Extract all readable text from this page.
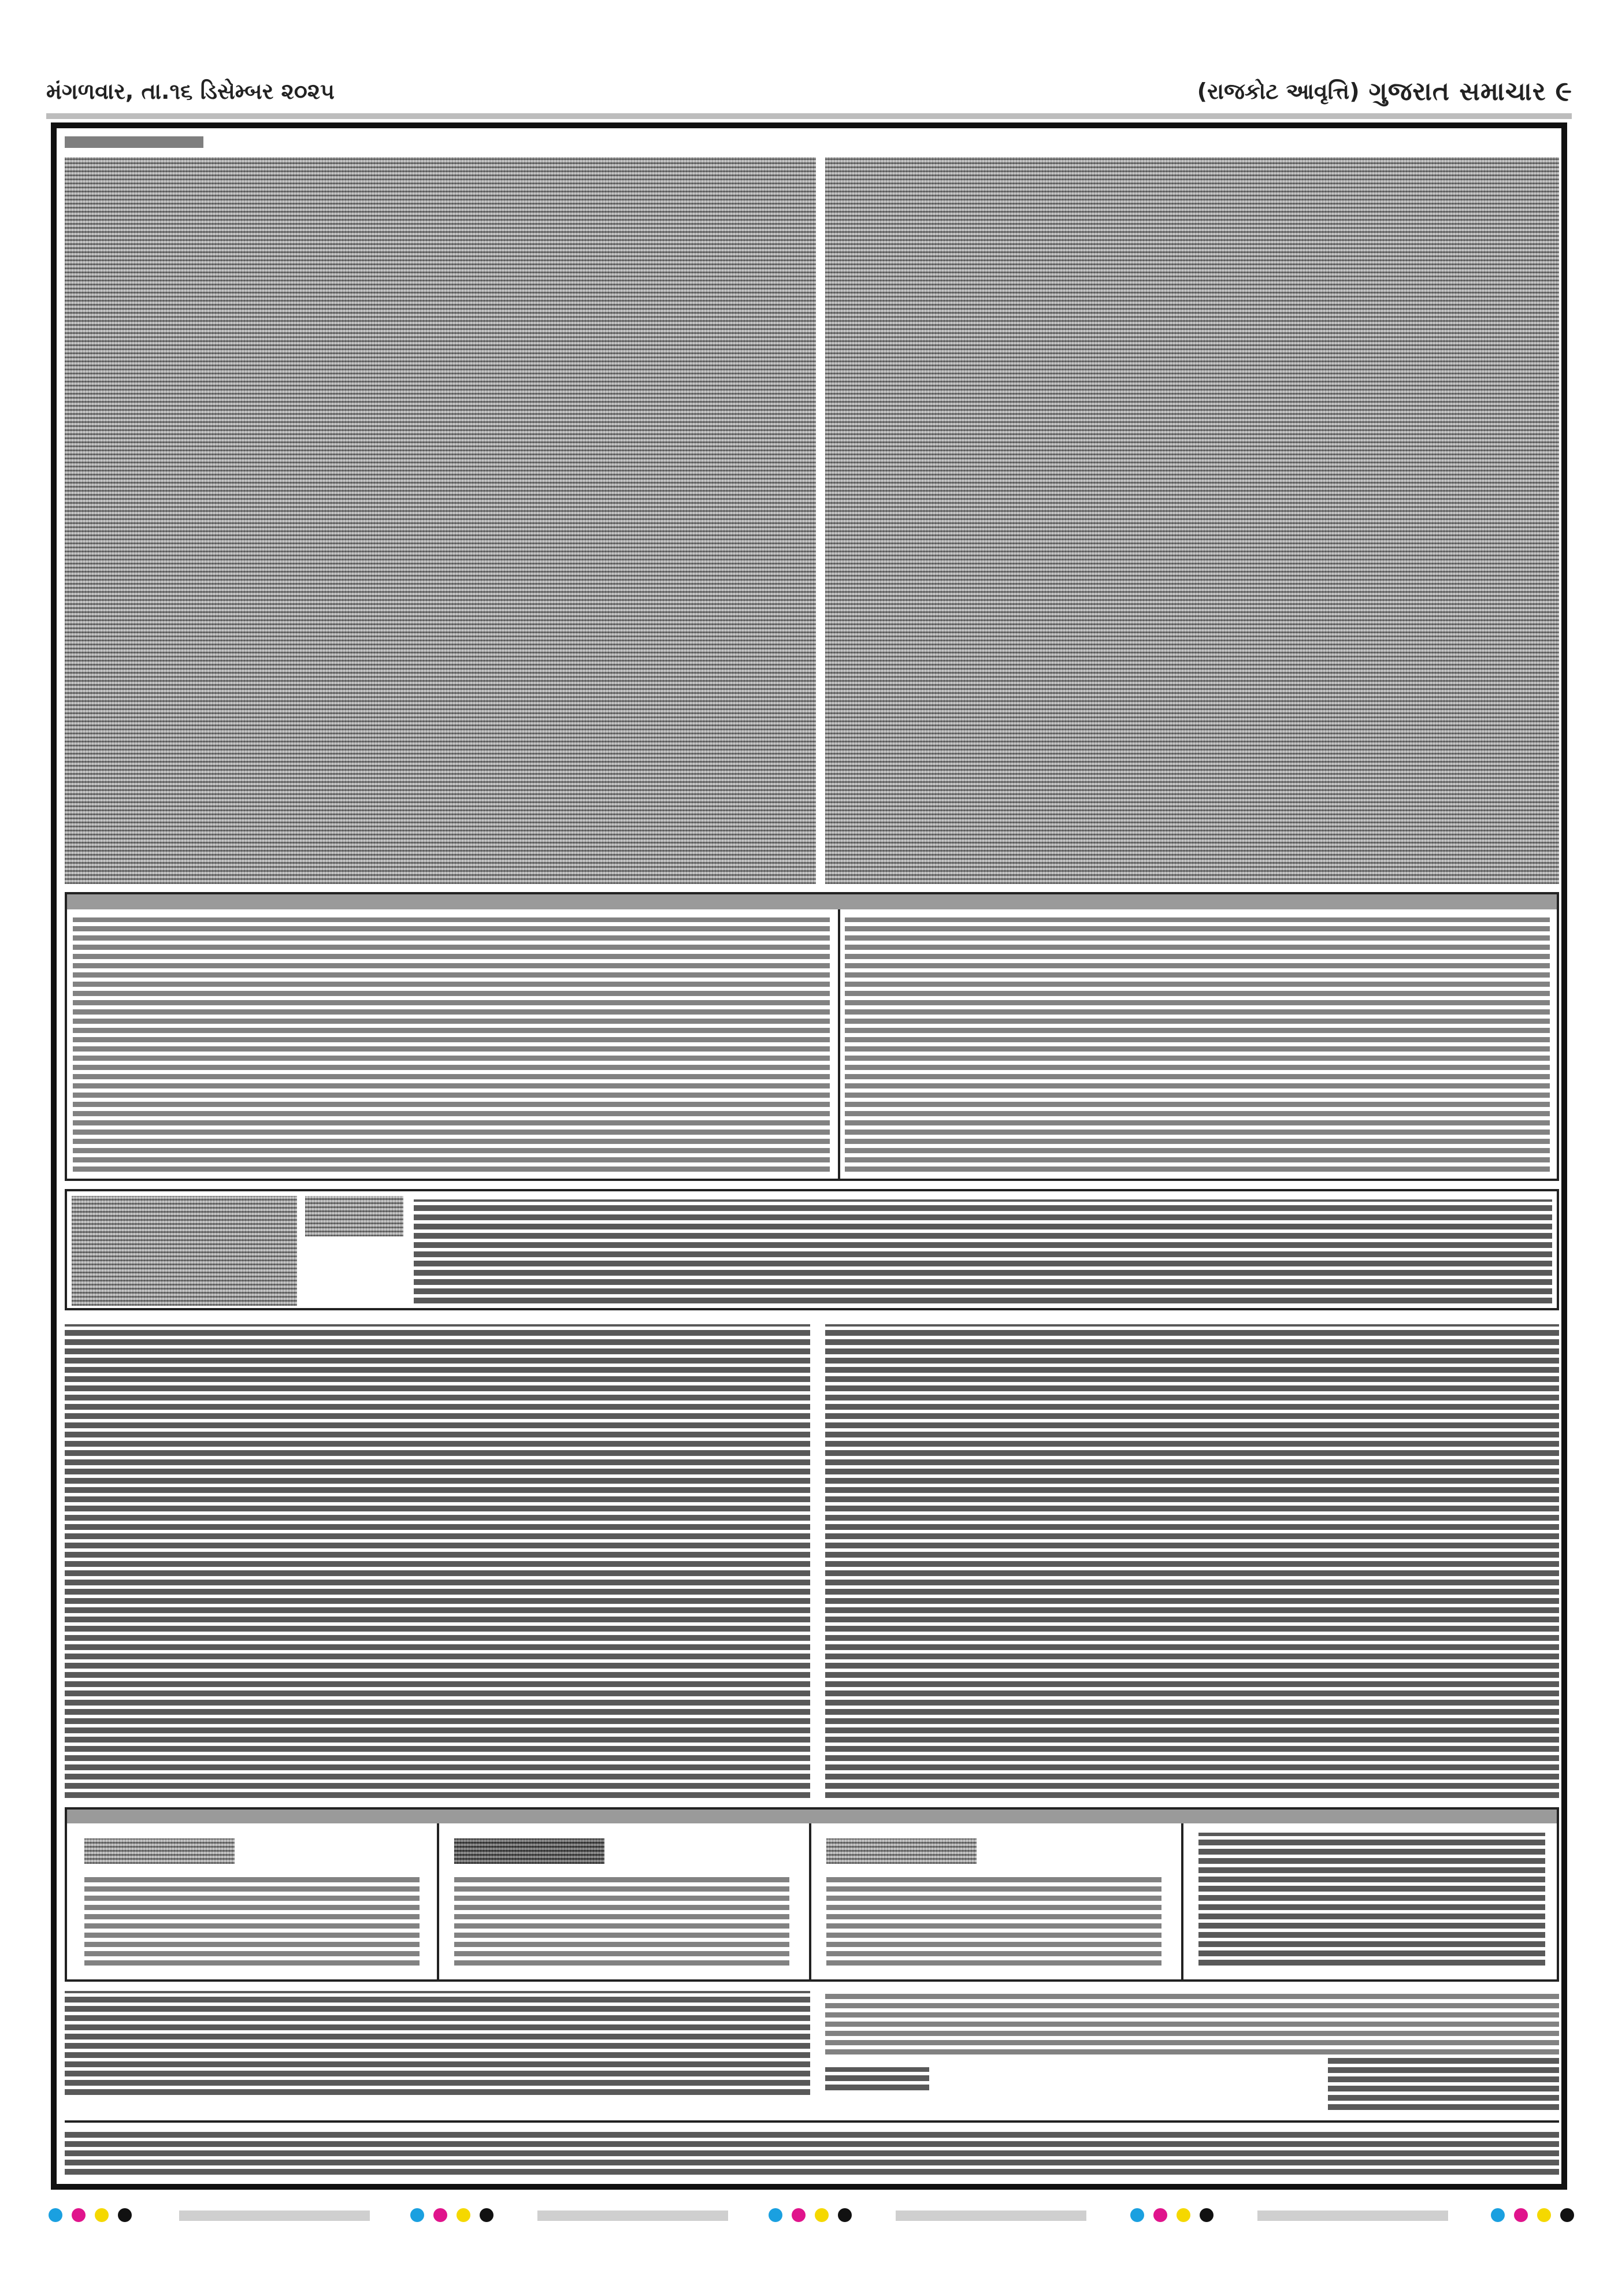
મંગળવાર, તા.૧૬ ડિસેમ્બર ૨૦૨૫	(રાજકોટ આવૃત્તિ) ગુજરાત સમાચાર ૯
